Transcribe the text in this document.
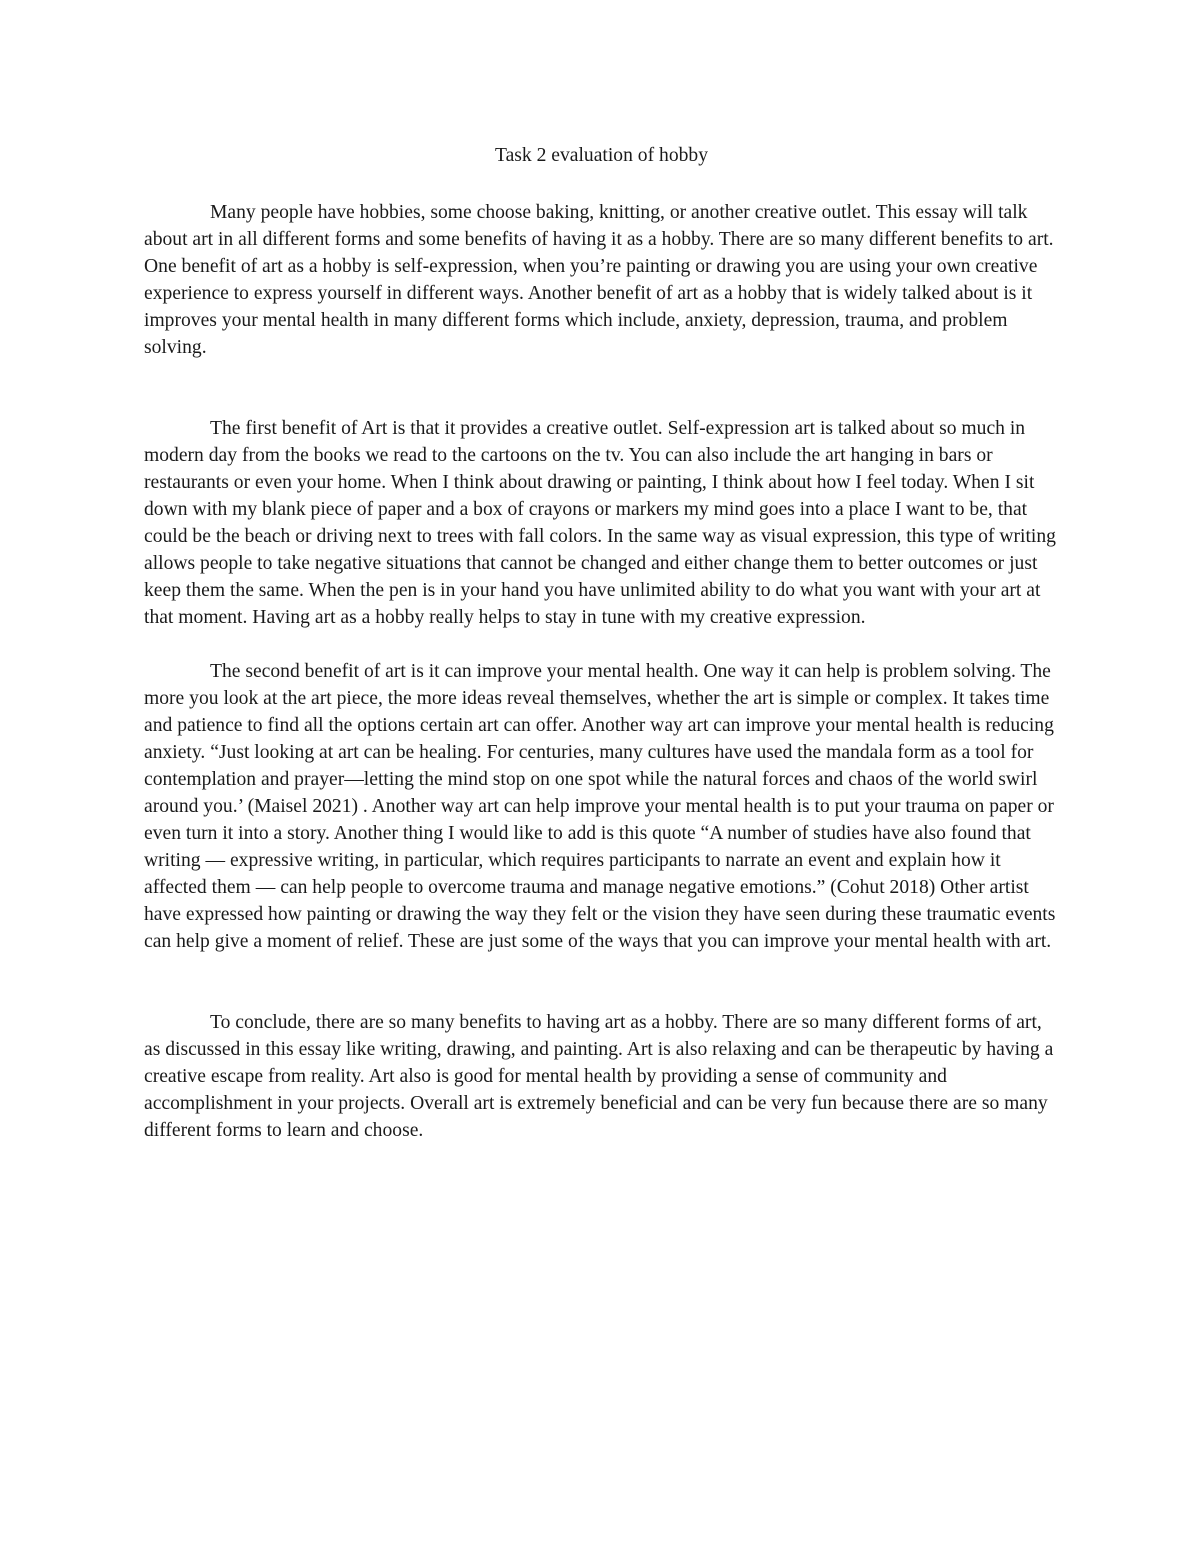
Task 2 evaluation of hobby

Many people have hobbies, some choose baking, knitting, or another creative outlet. This essay will talk about art in all different forms and some benefits of having it as a hobby. There are so many different benefits to art. One benefit of art as a hobby is self-expression, when you’re painting or drawing you are using your own creative experience to express yourself in different ways. Another benefit of art as a hobby that is widely talked about is it improves your mental health in many different forms which include, anxiety, depression, trauma, and problem solving.

The first benefit of Art is that it provides a creative outlet. Self-expression art is talked about so much in modern day from the books we read to the cartoons on the tv. You can also include the art hanging in bars or restaurants or even your home. When I think about drawing or painting, I think about how I feel today. When I sit down with my blank piece of paper and a box of crayons or markers my mind goes into a place I want to be, that could be the beach or driving next to trees with fall colors. In the same way as visual expression, this type of writing allows people to take negative situations that cannot be changed and either change them to better outcomes or just keep them the same. When the pen is in your hand you have unlimited ability to do what you want with your art at that moment. Having art as a hobby really helps to stay in tune with my creative expression.

The second benefit of art is it can improve your mental health. One way it can help is problem solving. The more you look at the art piece, the more ideas reveal themselves, whether the art is simple or complex. It takes time and patience to find all the options certain art can offer. Another way art can improve your mental health is reducing anxiety. “Just looking at art can be healing. For centuries, many cultures have used the mandala form as a tool for contemplation and prayer—letting the mind stop on one spot while the natural forces and chaos of the world swirl around you.’ (Maisel 2021) . Another way art can help improve your mental health is to put your trauma on paper or even turn it into a story. Another thing I would like to add is this quote “A number of studies have also found that writing — expressive writing, in particular, which requires participants to narrate an event and explain how it affected them — can help people to overcome trauma and manage negative emotions.” (Cohut 2018) Other artist have expressed how painting or drawing the way they felt or the vision they have seen during these traumatic events can help give a moment of relief. These are just some of the ways that you can improve your mental health with art.

To conclude, there are so many benefits to having art as a hobby. There are so many different forms of art, as discussed in this essay like writing, drawing, and painting. Art is also relaxing and can be therapeutic by having a creative escape from reality. Art also is good for mental health by providing a sense of community and accomplishment in your projects. Overall art is extremely beneficial and can be very fun because there are so many different forms to learn and choose.
